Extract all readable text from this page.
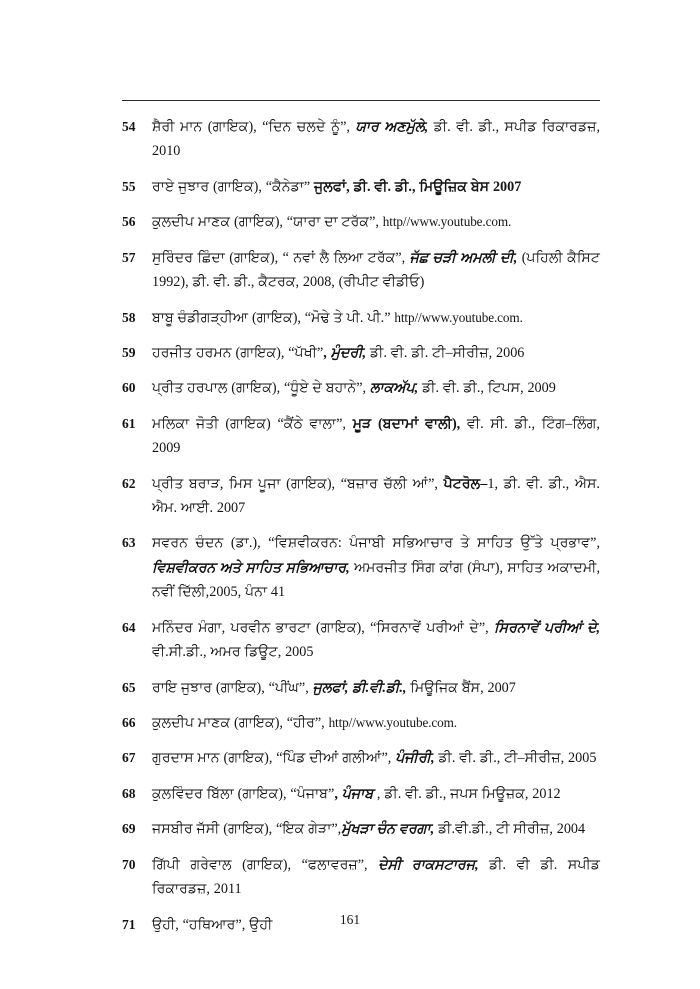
54	ਸ਼ੈਰੀ ਮਾਨ (ਗਾਇਕ), “ਦਿਨ ਚਲਦੇ ਨੂੰ”, ਯਾਰ ਅਣਮੁੱਲੇ, ਡੀ. ਵੀ. ਡੀ., ਸਪੀਡ ਰਿਕਾਰਡਜ਼, 2010
55	ਰਾਏ ਜੁਝਾਰ (ਗਾਇਕ), “ਕੈਨੇਡਾ” ਜੁਲਫਾਂ, ਡੀ. ਵੀ. ਡੀ., ਮਿਊਜ਼ਿਕ ਬੇਸ 2007
56	ਕੁਲਦੀਪ ਮਾਣਕ (ਗਾਇਕ), “ਯਾਰਾ ਦਾ ਟਰੱਕ”, http//www.youtube.com.
57	ਸੁਰਿੰਦਰ ਛਿੰਦਾ (ਗਾਇਕ), “ ਨਵਾਂ ਲੈ ਲਿਆ ਟਰੱਕ”, ਜੱਛ ਚੜੀ ਅਮਲੀ ਦੀ, (ਪਹਿਲੀ ਕੈਸਿਟ 1992), ਡੀ. ਵੀ. ਡੀ., ਕੈਟਰਕ, 2008, (ਰੀਪੀਟ ਵੀਡੀਓ)
58	ਬਾਬੂ ਚੰਡੀਗੜ੍ਹੀਆ (ਗਾਇਕ), “ਮੋਢੇ ਤੇ ਪੀ. ਪੀ.” http//www.youtube.com.
59	ਹਰਜੀਤ ਹਰਮਨ (ਗਾਇਕ), “ਪੱਖੀ”, ਮੁੰਦਰੀ, ਡੀ. ਵੀ. ਡੀ. ਟੀ–ਸੀਰੀਜ਼, 2006
60	ਪ੍ਰੀਤ ਹਰਪਾਲ (ਗਾਇਕ), “ਧੂੰਏ ਦੇ ਬਹਾਨੇ”, ਲਾਕਅੱਪ, ਡੀ. ਵੀ. ਡੀ., ਟਿਪਸ, 2009
61	ਮਲਿਕਾ ਜੋਤੀ (ਗਾਇਕ) “ਕੈਂਠੇ ਵਾਲਾ”, ਮੂੜ (ਬਦਾਮਾਂ ਵਾਲੀ), ਵੀ. ਸੀ. ਡੀ., ਟਿੰਗ–ਲਿੰਗ, 2009
62	ਪ੍ਰੀਤ ਬਰਾੜ, ਮਿਸ ਪੂਜਾ (ਗਾਇਕ), “ਬਜ਼ਾਰ ਚੱਲੀ ਆਂ”, ਪੈਟਰੋਲ–1, ਡੀ. ਵੀ. ਡੀ., ਐਸ. ਐਮ. ਆਈ. 2007
63	ਸਵਰਨ ਚੰਦਨ (ਡਾ.), “ਵਿਸ਼ਵੀਕਰਨ: ਪੰਜਾਬੀ ਸਭਿਆਚਾਰ ਤੇ ਸਾਹਿਤ ਉੱਤੇ ਪ੍ਰਭਾਵ”, ਵਿਸ਼ਵੀਕਰਨ ਅਤੇ ਸਾਹਿਤ ਸਭਿਆਚਾਰ, ਅਮਰਜੀਤ ਸਿੰਗ ਕਾਂਗ (ਸੰਪਾ), ਸਾਹਿਤ ਅਕਾਦਮੀ, ਨਵੀਂ ਦਿੱਲੀ,2005, ਪੰਨਾ 41
64	ਮਨਿੰਦਰ ਮੰਗਾ, ਪਰਵੀਨ ਭਾਰਟਾ (ਗਾਇਕ), “ਸਿਰਨਾਵੇਂ ਪਰੀਆਂ ਦੇ”, ਸਿਰਨਾਵੇਂ ਪਰੀਆਂ ਦੇ, ਵੀ.ਸੀ.ਡੀ., ਅਮਰ ਡਿਊਟ, 2005
65	ਰਾਇ ਜੁਝਾਰ (ਗਾਇਕ), “ਪੀਂਘ”, ਜੁਲਫਾਂ, ਡੀ.ਵੀ.ਡੀ., ਮਿਊਜਿਕ ਬੈਂਸ, 2007
66	ਕੁਲਦੀਪ ਮਾਣਕ (ਗਾਇਕ), “ਹੀਰ”, http//www.youtube.com.
67	ਗੁਰਦਾਸ ਮਾਨ (ਗਾਇਕ), “ਪਿੰਡ ਦੀਆਂ ਗਲੀਆਂ”, ਪੰਜੀਰੀ, ਡੀ. ਵੀ. ਡੀ., ਟੀ–ਸੀਰੀਜ਼, 2005
68	ਕੁਲਵਿੰਦਰ ਬਿੱਲਾ (ਗਾਇਕ), “ਪੰਜਾਬ”, ਪੰਜਾਬ , ਡੀ. ਵੀ. ਡੀ., ਜਪਸ ਮਿਊਜ਼ਕ, 2012
69	ਜਸਬੀਰ ਜੱਸੀ (ਗਾਇਕ), “ਇਕ ਗੇੜਾ”,ਮੁੱਖੜਾ ਚੰਨ ਵਰਗਾ, ਡੀ.ਵੀ.ਡੀ., ਟੀ ਸੀਰੀਜ਼, 2004
70	ਗਿੱਪੀ ਗਰੇਵਾਲ (ਗਾਇਕ), “ਫਲਾਵਰਜ਼”, ਦੇਸੀ ਰਾਕਸਟਾਰਜ, ਡੀ. ਵੀ ਡੀ. ਸਪੀਡ ਰਿਕਾਰਡਜ਼, 2011
71	ਉਹੀ, “ਹਥਿਆਰ”, ਉਹੀ	161
